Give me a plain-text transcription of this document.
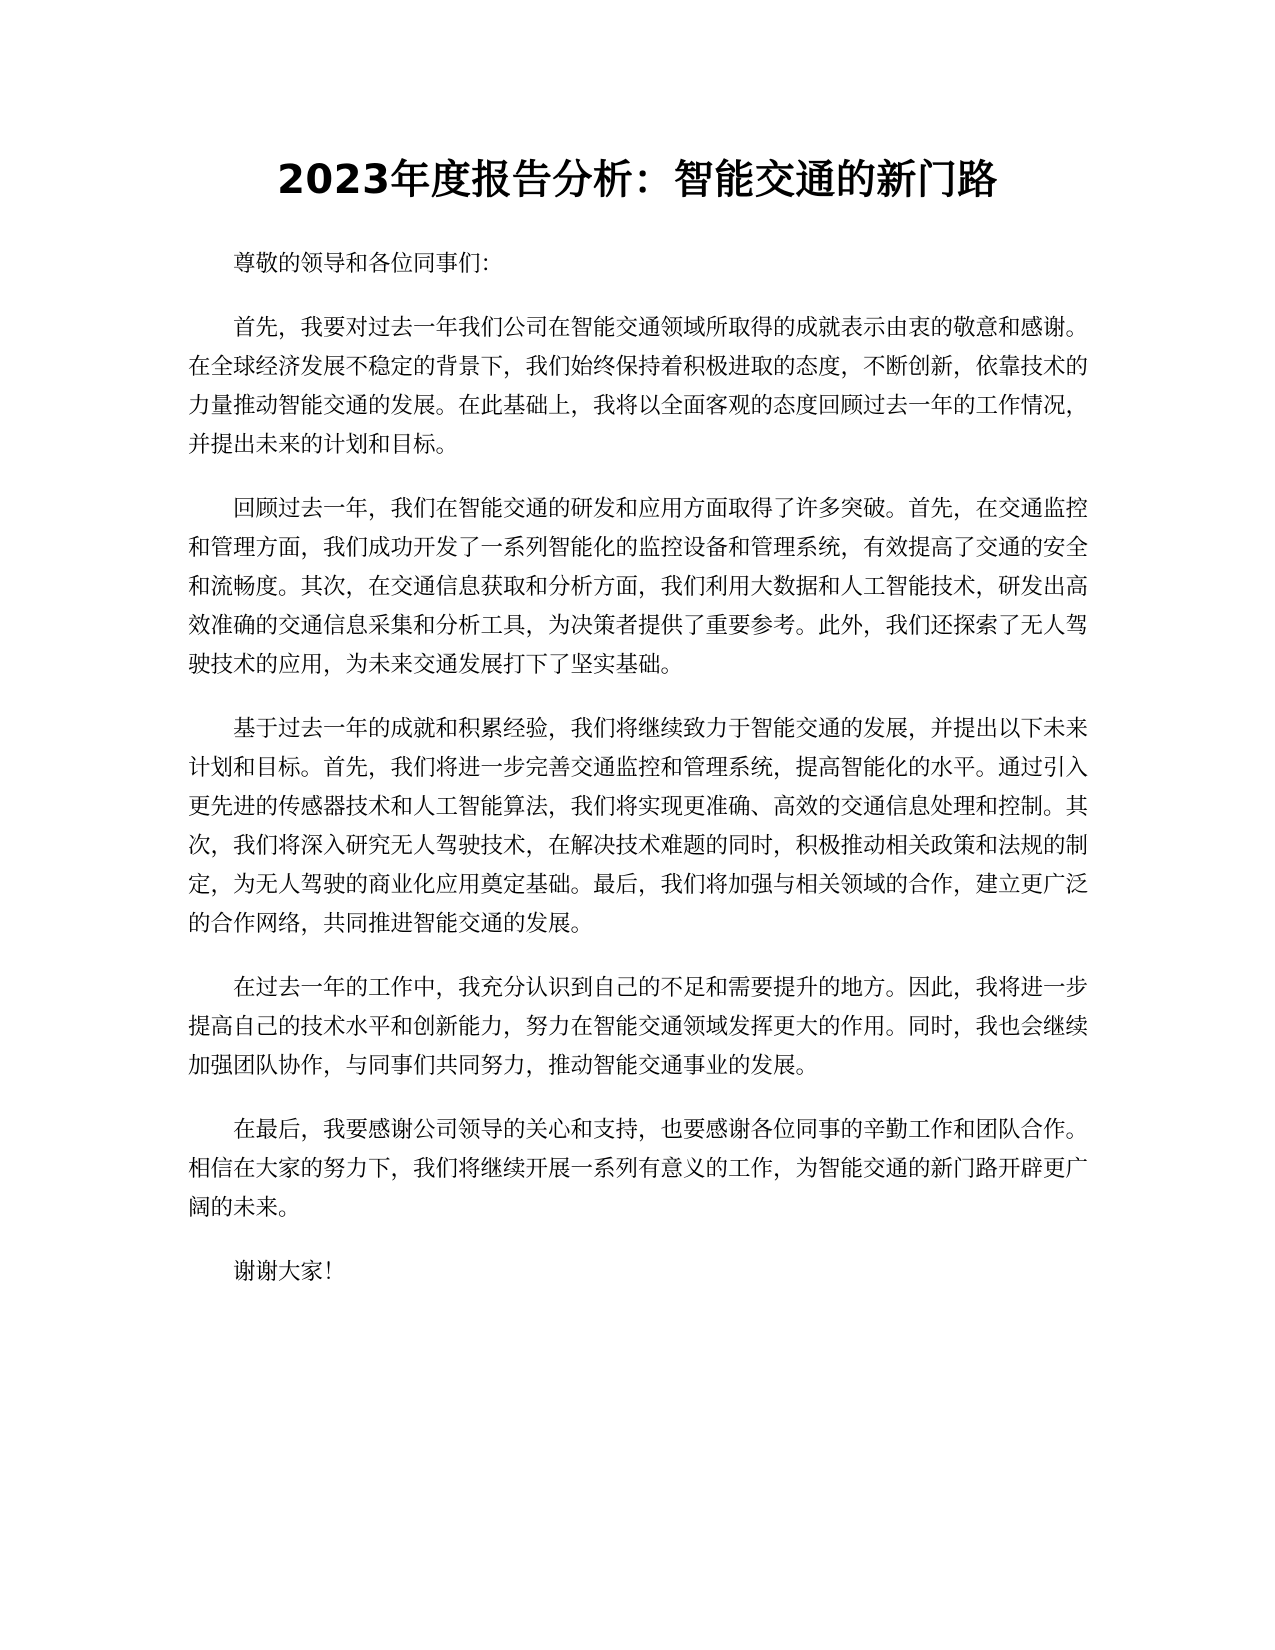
2023年度报告分析：智能交通的新门路

尊敬的领导和各位同事们：

首先，我要对过去一年我们公司在智能交通领域所取得的成就表示由衷的敬意和感谢。在全球经济发展不稳定的背景下，我们始终保持着积极进取的态度，不断创新，依靠技术的力量推动智能交通的发展。在此基础上，我将以全面客观的态度回顾过去一年的工作情况，并提出未来的计划和目标。

回顾过去一年，我们在智能交通的研发和应用方面取得了许多突破。首先，在交通监控和管理方面，我们成功开发了一系列智能化的监控设备和管理系统，有效提高了交通的安全和流畅度。其次，在交通信息获取和分析方面，我们利用大数据和人工智能技术，研发出高效准确的交通信息采集和分析工具，为决策者提供了重要参考。此外，我们还探索了无人驾驶技术的应用，为未来交通发展打下了坚实基础。

基于过去一年的成就和积累经验，我们将继续致力于智能交通的发展，并提出以下未来计划和目标。首先，我们将进一步完善交通监控和管理系统，提高智能化的水平。通过引入更先进的传感器技术和人工智能算法，我们将实现更准确、高效的交通信息处理和控制。其次，我们将深入研究无人驾驶技术，在解决技术难题的同时，积极推动相关政策和法规的制定，为无人驾驶的商业化应用奠定基础。最后，我们将加强与相关领域的合作，建立更广泛的合作网络，共同推进智能交通的发展。

在过去一年的工作中，我充分认识到自己的不足和需要提升的地方。因此，我将进一步提高自己的技术水平和创新能力，努力在智能交通领域发挥更大的作用。同时，我也会继续加强团队协作，与同事们共同努力，推动智能交通事业的发展。

在最后，我要感谢公司领导的关心和支持，也要感谢各位同事的辛勤工作和团队合作。相信在大家的努力下，我们将继续开展一系列有意义的工作，为智能交通的新门路开辟更广阔的未来。

谢谢大家！
